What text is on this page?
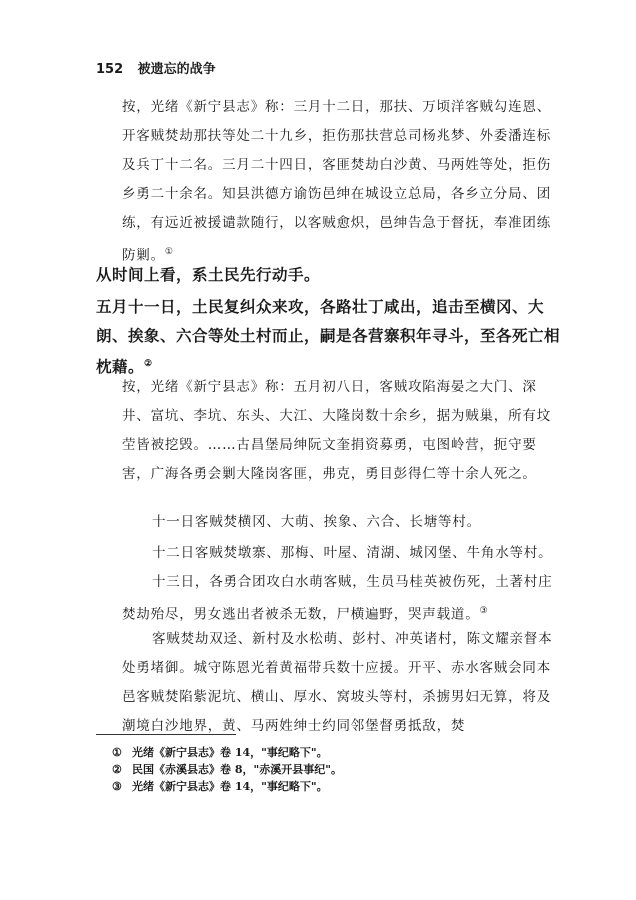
152 被遗忘的战争

按，光绪《新宁县志》称：三月十二日，那扶、万顷洋客贼勾连恩、开客贼焚劫那扶等处二十九乡，拒伤那扶营总司杨兆梦、外委潘连标及兵丁十二名。三月二十四日，客匪焚劫白沙黄、马两姓等处，拒伤乡勇二十余名。知县洪德方谕饬邑绅在城设立总局，各乡立分局、团练，有远近被援谴款随行，以客贼愈炽，邑绅告急于督抚，奉准团练防剿。①

从时间上看，系土民先行动手。

五月十一日，土民复纠众来攻，各路壮丁咸出，追击至横冈、大朗、挨象、六合等处土村而止，嗣是各营寨积年寻斗，至各死亡相枕藉。②

按，光绪《新宁县志》称：五月初八日，客贼攻陷海晏之大门、深井、富坑、李坑、东头、大江、大隆岗数十余乡，据为贼巢，所有坟茔皆被挖毁。……古昌堡局绅阮文奎捐资募勇，屯图岭营，扼守要害，广海各勇会剿大隆岗客匪，弗克，勇目彭得仁等十余人死之。

十一日客贼焚横冈、大萌、挨象、六合、长塘等村。

十二日客贼焚墩寨、那梅、叶屋、清湖、城冈堡、牛角水等村。

十三日，各勇合团攻白水萌客贼，生员马桂英被伤死，土著村庄焚劫殆尽，男女逃出者被杀无数，尸横遍野，哭声载道。③

客贼焚劫双迳、新村及水松萌、彭村、冲英诸村，陈文耀亲督本处勇堵御。城守陈恩光着黄福带兵数十应援。开平、赤水客贼会同本邑客贼焚陷紫泥坑、横山、厚水、窝坡头等村，杀掳男妇无算，将及潮境白沙地界，黄、马两姓绅士约同邻堡督勇抵敌，焚

① 光绪《新宁县志》卷 14，"事纪略下"。
② 民国《赤溪县志》卷 8，"赤溪开县事纪"。
③ 光绪《新宁县志》卷 14，"事纪略下"。
